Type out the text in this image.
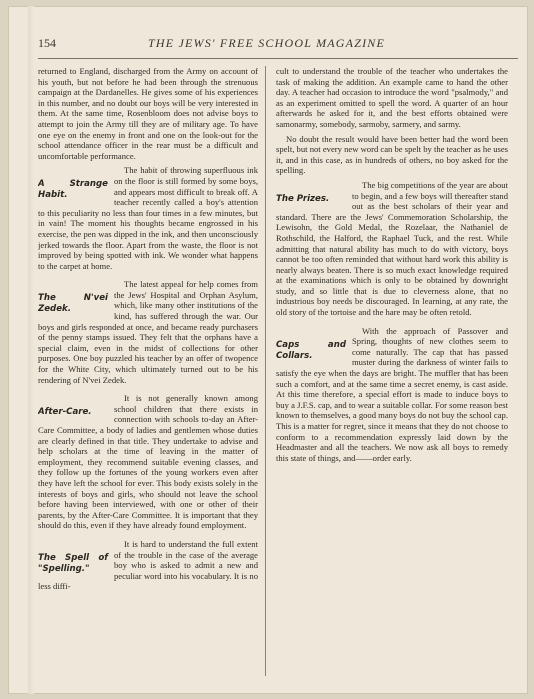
154	THE JEWS' FREE SCHOOL MAGAZINE

returned to England, discharged from the Army on account of his youth, but not before he had been through the strenuous campaign at the Dardanelles. He gives some of his experiences in this number, and no doubt our boys will be very interested in them. At the same time, Rosenbloom does not advise boys to attempt to join the Army till they are of military age. To have one eye on the enemy in front and one on the look-out for the school attendance officer in the rear must be a difficult and uncomfortable performance.

A Strange Habit.

The habit of throwing superfluous ink on the floor is still formed by some boys, and appears most difficult to break off. A teacher recently called a boy's attention to this peculiarity no less than four times in a few minutes, but in vain! The moment his thoughts became engrossed in his exercise, the pen was dipped in the ink, and then unconsciously jerked towards the floor. Apart from the waste, the floor is not improved by being spotted with ink. We wonder what happens to the carpet at home.

The N'vei Zedek.

The latest appeal for help comes from the Jews' Hospital and Orphan Asylum, which, like many other institutions of the kind, has suffered through the war. Our boys and girls responded at once, and became ready purchasers of the penny stamps issued. They felt that the orphans have a special claim, even in the midst of collections for other purposes. One boy puzzled his teacher by an offer of twopence for the White City, which ultimately turned out to be his rendering of N'vei Zedek.

After-Care.

It is not generally known among school children that there exists in connection with schools to-day an After-Care Committee, a body of ladies and gentlemen whose duties are clearly defined in that title. They undertake to advise and help scholars at the time of leaving in the matter of employment, they recommend suitable evening classes, and they follow up the fortunes of the young workers even after they have left the school for ever. This body exists solely in the interests of boys and girls, who should not leave the school before having been interviewed, with one or other of their parents, by the After-Care Committee. It is important that they should do this, even if they have already found employment.

The Spell of "Spelling."

It is hard to understand the full extent of the trouble in the case of the average boy who is asked to admit a new and peculiar word into his vocabulary. It is no less diffi-

cult to understand the trouble of the teacher who undertakes the task of making the addition. An example came to hand the other day. A teacher had occasion to introduce the word "psalmody," and as an experiment omitted to spell the word. A quarter of an hour afterwards he asked for it, and the best efforts obtained were samonarmy, somebody, sarmoby, sarmery, and sarmy.

No doubt the result would have been better had the word been spelt, but not every new word can be spelt by the teacher as he uses it, and in this case, as in hundreds of others, no boy asked for the spelling.

The Prizes.

The big competitions of the year are about to begin, and a few boys will thereafter stand out as the best scholars of their year and standard. There are the Jews' Commemoration Scholarship, the Lewisohn, the Gold Medal, the Rozelaar, the Nathaniel de Rothschild, the Halford, the Raphael Tuck, and the rest. While admitting that natural ability has much to do with victory, boys cannot be too often reminded that without hard work this ability is nearly always beaten. There is so much exact knowledge required at the examinations which is only to be obtained by downright study, and so little that is due to cleverness alone, that no industrious boy needs be discouraged. In learning, at any rate, the old story of the tortoise and the hare may be often retold.

Caps and Collars.

With the approach of Passover and Spring, thoughts of new clothes seem to come naturally. The cap that has passed muster during the darkness of winter fails to satisfy the eye when the days are bright. The muffler that has been such a comfort, and at the same time a secret enemy, is cast aside. At this time therefore, a special effort is made to induce boys to buy a J.F.S. cap, and to wear a suitable collar. For some reason best known to themselves, a good many boys do not buy the school cap. This is a matter for regret, since it means that they do not choose to conform to a recommendation expressly laid down by the Headmaster and all the teachers. We now ask all boys to remedy this state of things, and——order early.
